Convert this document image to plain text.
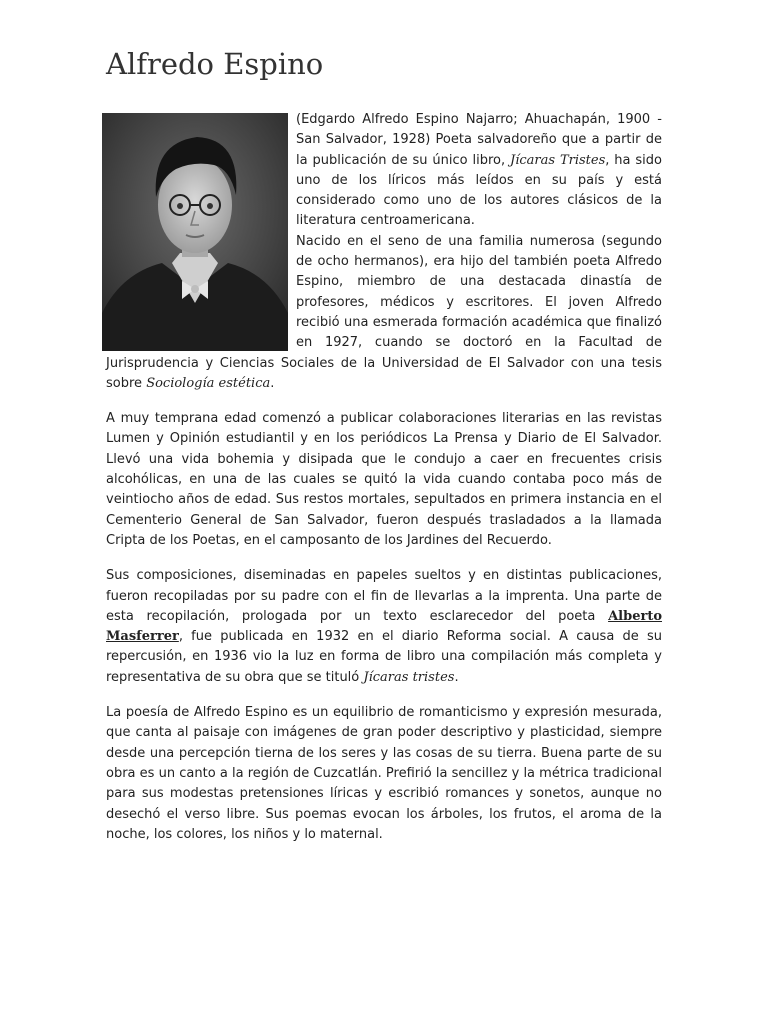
Alfredo Espino

(Edgardo Alfredo Espino Najarro; Ahuachapán, 1900 - San Salvador, 1928) Poeta salvadoreño que a partir de la publicación de su único libro, Jícaras Tristes, ha sido uno de los líricos más leídos en su país y está considerado como uno de los autores clásicos de la literatura centroamericana.

Nacido en el seno de una familia numerosa (segundo de ocho hermanos), era hijo del también poeta Alfredo Espino, miembro de una destacada dinastía de profesores, médicos y escritores. El joven Alfredo recibió una esmerada formación académica que finalizó en 1927, cuando se doctoró en la Facultad de Jurisprudencia y Ciencias Sociales de la Universidad de El Salvador con una tesis sobre Sociología estética.

A muy temprana edad comenzó a publicar colaboraciones literarias en las revistas Lumen y Opinión estudiantil y en los periódicos La Prensa y Diario de El Salvador. Llevó una vida bohemia y disipada que le condujo a caer en frecuentes crisis alcohólicas, en una de las cuales se quitó la vida cuando contaba poco más de veintiocho años de edad. Sus restos mortales, sepultados en primera instancia en el Cementerio General de San Salvador, fueron después trasladados a la llamada Cripta de los Poetas, en el camposanto de los Jardines del Recuerdo.

Sus composiciones, diseminadas en papeles sueltos y en distintas publicaciones, fueron recopiladas por su padre con el fin de llevarlas a la imprenta. Una parte de esta recopilación, prologada por un texto esclarecedor del poeta Alberto Masferrer, fue publicada en 1932 en el diario Reforma social. A causa de su repercusión, en 1936 vio la luz en forma de libro una compilación más completa y representativa de su obra que se tituló Jícaras tristes.

La poesía de Alfredo Espino es un equilibrio de romanticismo y expresión mesurada, que canta al paisaje con imágenes de gran poder descriptivo y plasticidad, siempre desde una percepción tierna de los seres y las cosas de su tierra. Buena parte de su obra es un canto a la región de Cuzcatlán. Prefirió la sencillez y la métrica tradicional para sus modestas pretensiones líricas y escribió romances y sonetos, aunque no desechó el verso libre. Sus poemas evocan los árboles, los frutos, el aroma de la noche, los colores, los niños y lo maternal.
